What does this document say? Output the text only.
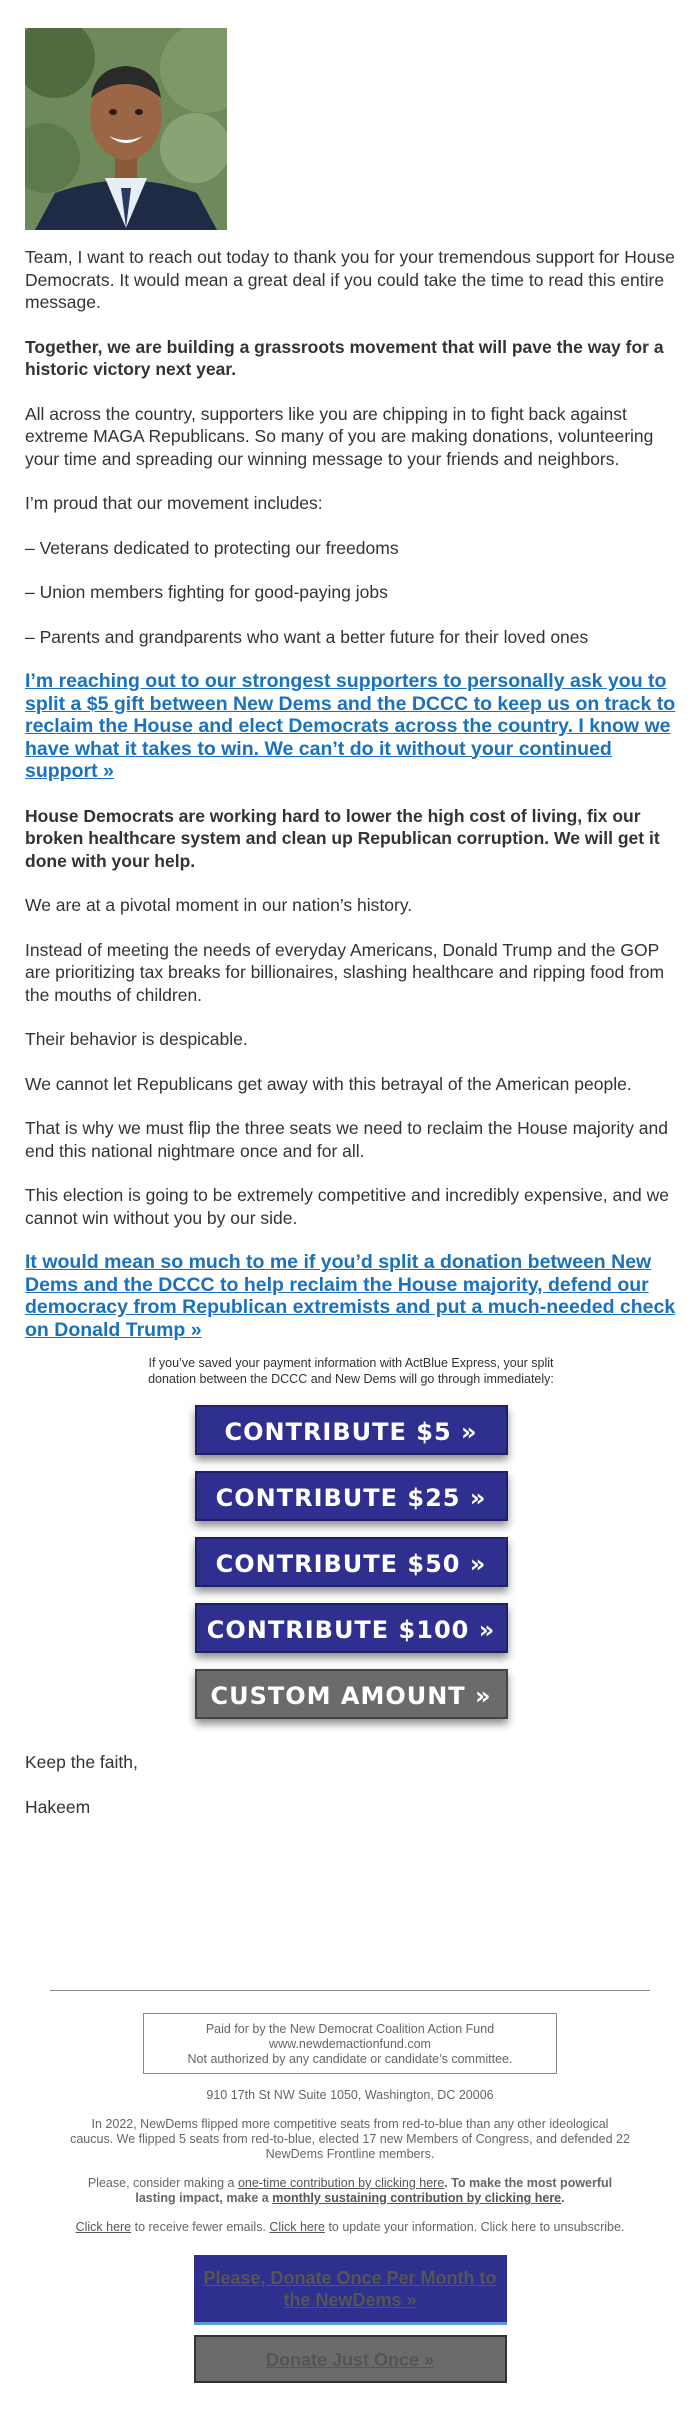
Team, I want to reach out today to thank you for your tremendous support for House Democrats. It would mean a great deal if you could take the time to read this entire message.

Together, we are building a grassroots movement that will pave the way for a historic victory next year.

All across the country, supporters like you are chipping in to fight back against extreme MAGA Republicans. So many of you are making donations, volunteering your time and spreading our winning message to your friends and neighbors.

I’m proud that our movement includes:

– Veterans dedicated to protecting our freedoms

– Union members fighting for good-paying jobs

– Parents and grandparents who want a better future for their loved ones

I’m reaching out to our strongest supporters to personally ask you to split a $5 gift between New Dems and the DCCC to keep us on track to reclaim the House and elect Democrats across the country. I know we have what it takes to win. We can’t do it without your continued support »

House Democrats are working hard to lower the high cost of living, fix our broken healthcare system and clean up Republican corruption. We will get it done with your help.

We are at a pivotal moment in our nation’s history.

Instead of meeting the needs of everyday Americans, Donald Trump and the GOP are prioritizing tax breaks for billionaires, slashing healthcare and ripping food from the mouths of children.

Their behavior is despicable.

We cannot let Republicans get away with this betrayal of the American people.

That is why we must flip the three seats we need to reclaim the House majority and end this national nightmare once and for all.

This election is going to be extremely competitive and incredibly expensive, and we cannot win without you by our side.

It would mean so much to me if you’d split a donation between New Dems and the DCCC to help reclaim the House majority, defend our democracy from Republican extremists and put a much-needed check on Donald Trump »
If you’ve saved your payment information with ActBlue Express, your split donation between the DCCC and New Dems will go through immediately:
CONTRIBUTE $5 »
CONTRIBUTE $25 »
CONTRIBUTE $50 »
CONTRIBUTE $100 »
CUSTOM AMOUNT »

Keep the faith,

Hakeem

Paid for by the New Democrat Coalition Action Fund
www.newdemactionfund.com
Not authorized by any candidate or candidate’s committee.

910 17th St NW Suite 1050, Washington, DC 20006

In 2022, NewDems flipped more competitive seats from red-to-blue than any other ideological caucus. We flipped 5 seats from red-to-blue, elected 17 new Members of Congress, and defended 22 NewDems Frontline members.

Please, consider making a one-time contribution by clicking here. To make the most powerful lasting impact, make a monthly sustaining contribution by clicking here.

Click here to receive fewer emails. Click here to update your information. Click here to unsubscribe.

Please, Donate Once Per Month to the NewDems »
Donate Just Once »
